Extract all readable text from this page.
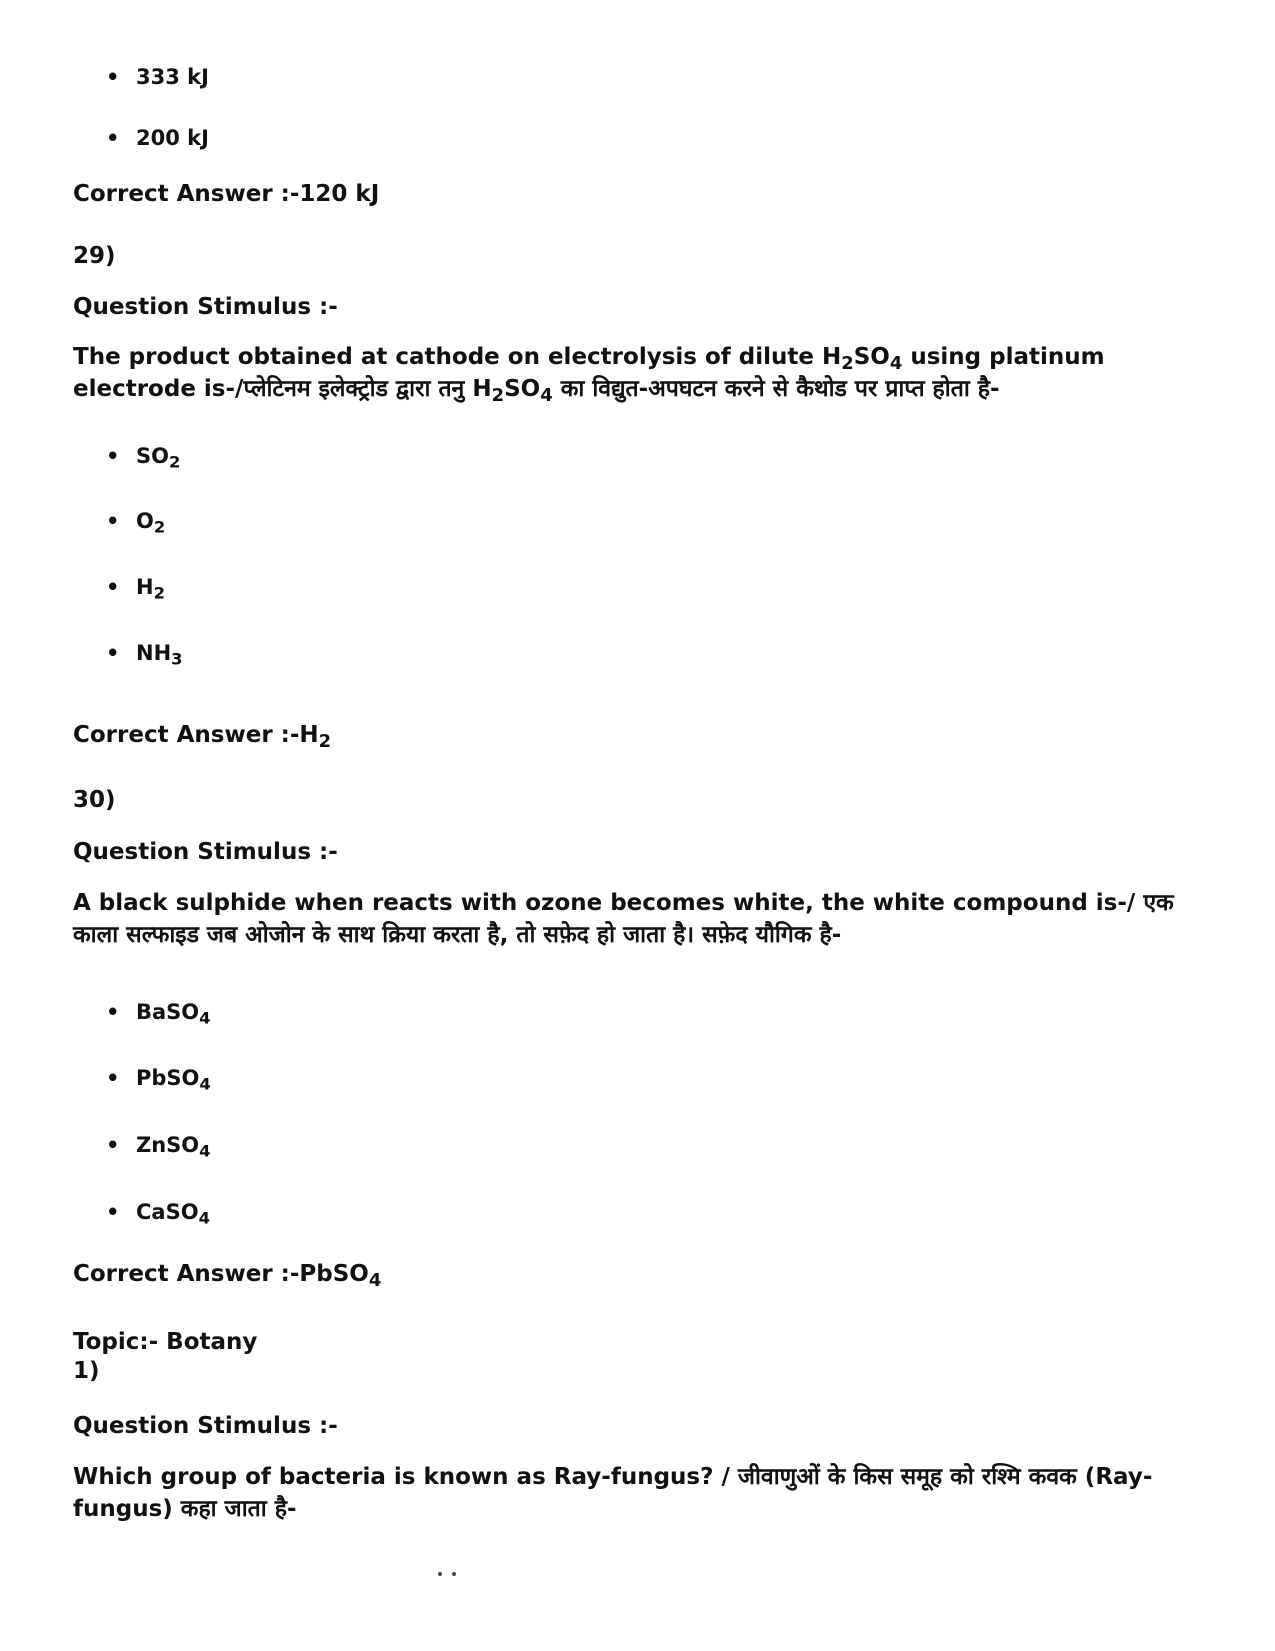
• 333 kJ
• 200 kJ
Correct Answer :-120 kJ
29)
Question Stimulus :-
The product obtained at cathode on electrolysis of dilute $H_2SO_4$ using platinum electrode is-/प्लेटिनम इलेक्ट्रोड द्वारा तनु $H_2SO_4$ का विद्युत-अपघटन करने से कैथोड पर प्राप्त होता है-
• $SO_2$
• $O_2$
• $H_2$
• $NH_3$
Correct Answer $:-H_2$
30)
Question Stimulus :-
A black sulphide when reacts with ozone becomes white, the white compound is-/ एक काला सल्फाइड जब ओजोन के साथ क्रिया करता है, तो सफ़ेद हो जाता है। सफ़ेद यौगिक है-
• BaSO$_4$
• PbSO$_4$
• ZnSO$_4$
• CaSO$_4$
Correct Answer :-PbSO$_4$
Topic:- Botany
1)
Question Stimulus :-
Which group of bacteria is known as Ray-fungus? / जीवाणुओं के किस समूह को रश्मि कवक (Ray-fungus) कहा जाता है-
